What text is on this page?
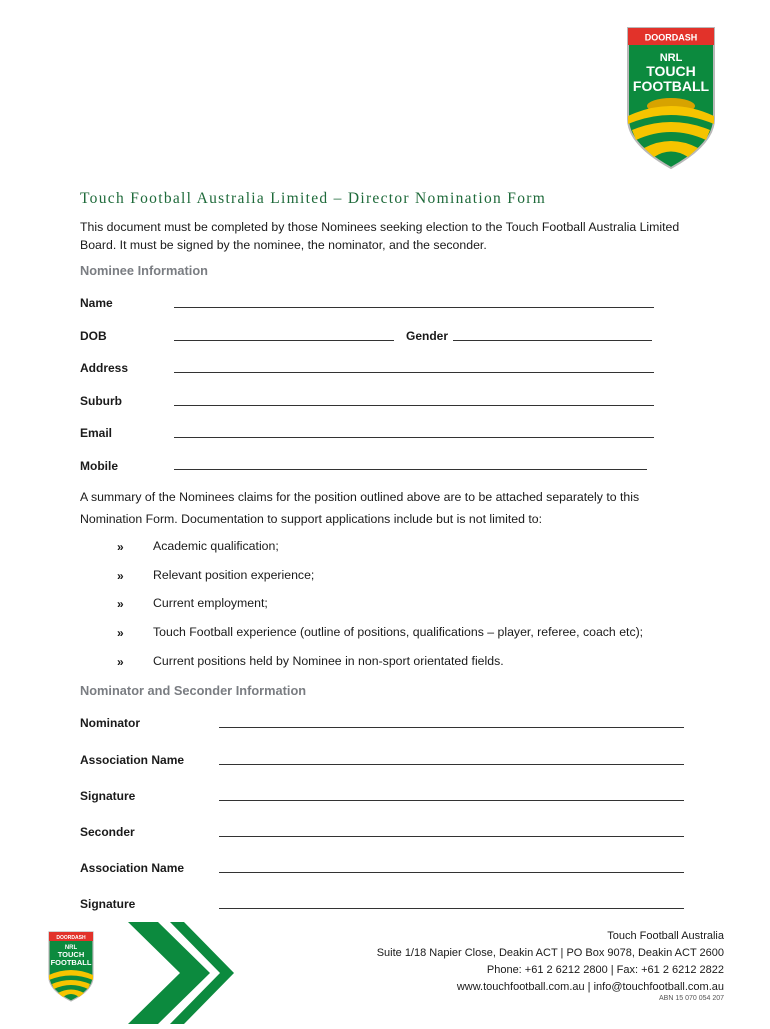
DOORDASH
NRL
TOUCH
FOOTBALL
Touch Football Australia Limited – Director Nomination Form
This document must be completed by those Nominees seeking election to the Touch Football Australia Limited Board. It must be signed by the nominee, the nominator, and the seconder.
Nominee Information
Name
DOB	Gender
Address
Suburb
Email
Mobile
A summary of the Nominees claims for the position outlined above are to be attached separately to this Nomination Form. Documentation to support applications include but is not limited to:
» Academic qualification;
» Relevant position experience;
» Current employment;
» Touch Football experience (outline of positions, qualifications – player, referee, coach etc);
» Current positions held by Nominee in non-sport orientated fields.
Nominator and Seconder Information
Nominator
Association Name
Signature
Seconder
Association Name
Signature
DOORDASH
NRL
TOUCH
FOOTBALL
Touch Football Australia
Suite 1/18 Napier Close, Deakin ACT | PO Box 9078, Deakin ACT 2600
Phone: +61 2 6212 2800 | Fax: +61 2 6212 2822
www.touchfootball.com.au | info@touchfootball.com.au
ABN 15 070 054 207
